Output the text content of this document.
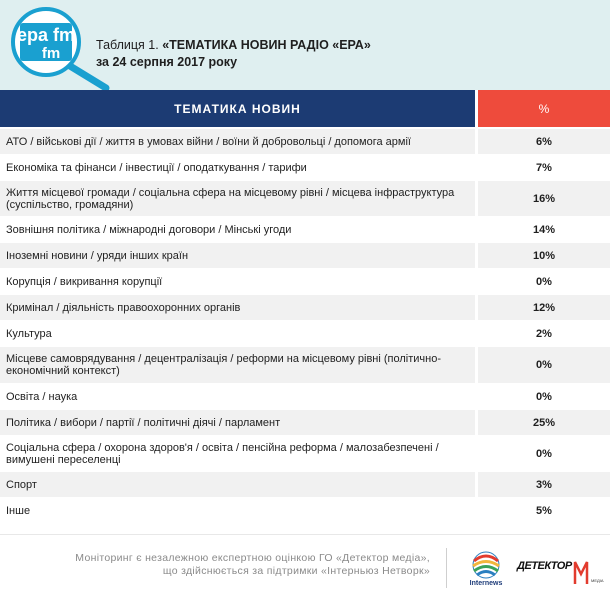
ерa fm
fm	Таблиця 1. «ТЕМАТИКА НОВИН РАДІО «ЕРА»
за 24 серпня 2017 року
ТЕМАТИКА НОВИН	%
АТО / військові дії / життя в умовах війни / воїни й добровольці / допомога армії	6%
Економіка та фінанси / інвестиції / оподаткування / тарифи	7%
Життя місцевої громади / соціальна сфера на місцевому рівні / місцева інфраструктура (суспільство, громадяни)	16%
Зовнішня політика / міжнародні договори / Мінські угоди	14%
Іноземні новини / уряди інших країн	10%
Корупція / викривання корупції	0%
Кримінал / діяльність правоохоронних органів	12%
Культура	2%
Місцеве самоврядування / децентралізація / реформи на місцевому рівні (політично-економічний контекст)	0%
Освіта / наука	0%
Політика / вибори / партії / політичні діячі / парламент	25%
Соціальна сфера / охорона здоров'я / освіта / пенсійна реформа / малозабезпечені / вимушені переселенці	0%
Спорт	3%
Інше	5%
Моніторинг є незалежною експертною оцінкою ГО «Детектор медіа»,
що здійснюється за підтримки «Інтерньюз Нетворк»
Internews	МЕДІА
ДЕТЕКТОР
